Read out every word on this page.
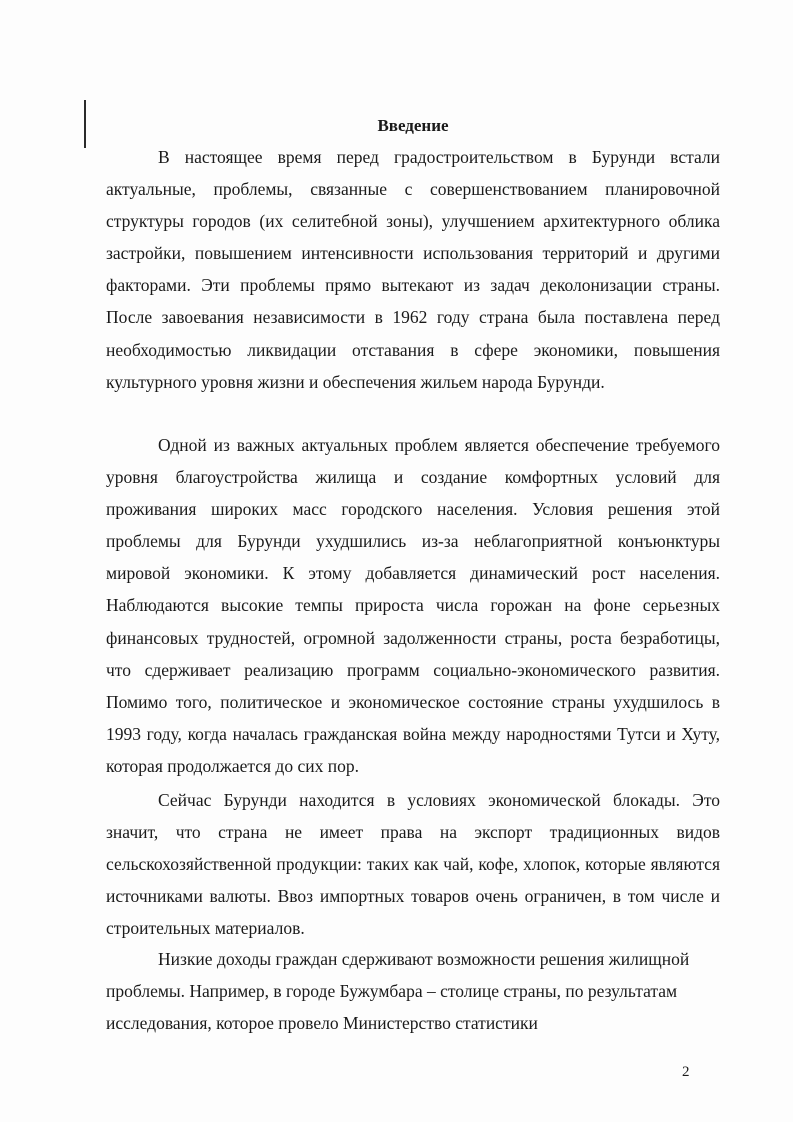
Введение

В настоящее время перед градостроительством в Бурунди встали актуальные, проблемы, связанные с совершенствованием планировочной структуры городов (их селитебной зоны), улучшением архитектурного облика застройки, повышением интенсивности использования территорий и другими факторами. Эти проблемы прямо вытекают из задач деколонизации страны. После завоевания независимости в 1962 году страна была поставлена перед необходимостью ликвидации отставания в сфере экономики, повышения культурного уровня жизни и обеспечения жильем народа Бурунди.

Одной из важных актуальных проблем является обеспечение требуемого уровня благоустройства жилища и создание комфортных условий для проживания широких масс городского населения. Условия решения этой проблемы для Бурунди ухудшились из-за неблагоприятной конъюнктуры мировой экономики. К этому добавляется динамический рост населения. Наблюдаются высокие темпы прироста числа горожан на фоне серьезных финансовых трудностей, огромной задолженности страны, роста безработицы, что сдерживает реализацию программ социально-экономического развития. Помимо того, политическое и экономическое состояние страны ухудшилось в 1993 году, когда началась гражданская война между народностями Тутси и Хуту, которая продолжается до сих пор.

Сейчас Бурунди находится в условиях экономической блокады. Это значит, что страна не имеет права на экспорт традиционных видов сельскохозяйственной продукции: таких как чай, кофе, хлопок, которые являются источниками валюты. Ввоз импортных товаров очень ограничен, в том числе и строительных материалов.

Низкие доходы граждан сдерживают возможности решения жилищной проблемы. Например, в городе Бужумбара – столице страны, по результатам исследования, которое провело Министерство статистики

2
